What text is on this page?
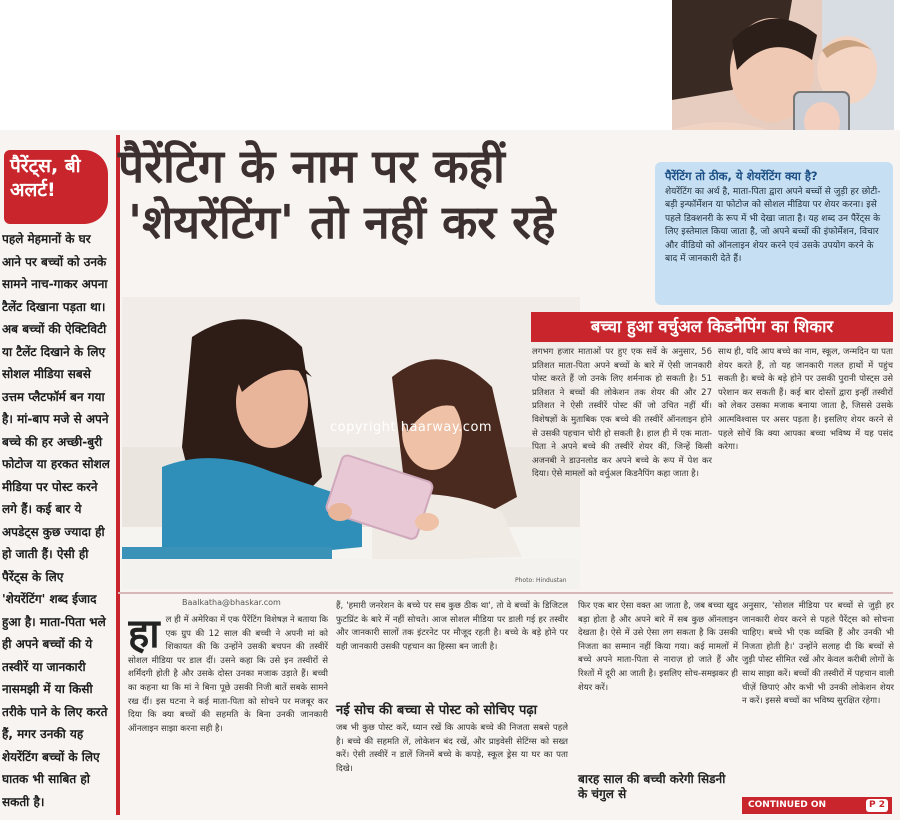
पैरेंट्स, बी अलर्ट!
पहले मेहमानों के घर आने पर बच्चों को उनके सामने नाच-गाकर अपना टैलेंट दिखाना पड़ता था। अब बच्चों की ऐक्टिविटी या टैलेंट दिखाने के लिए सोशल मीडिया सबसे उत्तम प्लैटफॉर्म बन गया है। मां-बाप मजे से अपने बच्चे की हर अच्छी-बुरी फोटोज या हरकत सोशल मीडिया पर पोस्ट करने लगे हैं। कई बार ये अपडेट्स कुछ ज्यादा ही हो जाती हैं। ऐसी ही पैरेंट्स के लिए 'शेयरेंटिंग' शब्द ईजाद हुआ है। माता-पिता भले ही अपने बच्चों की ये तस्वीरें या जानकारी नासमझी में या किसी तरीके पाने के लिए करते हैं, मगर उनकी यह शेयरेंटिंग बच्चों के लिए घातक भी साबित हो सकती है।
पैरेंटिंग के नाम पर कहीं
'शेयरेंटिंग' तो नहीं कर रहे
पैरेंटिंग तो ठीक, ये शेयरेंटिंग क्या है?
शेयरेंटिंग का अर्थ है, माता-पिता द्वारा अपने बच्चों से जुड़ी हर छोटी-बड़ी इन्फॉर्मेशन या फोटोज को सोशल मीडिया पर शेयर करना। इसे पहले डिक्शनरी के रूप में भी देखा जाता है। यह शब्द उन पैरेंट्स के लिए इस्तेमाल किया जाता है, जो अपने बच्चों की इंफोर्मेशन, विचार और वीडियो को ऑनलाइन शेयर करने एवं उसके उपयोग करने के बाद में जानकारी देते हैं।
Photo: Hindustan
copyright haarway.com
बच्चा हुआ वर्चुअल किडनैपिंग का शिकार
लगभग हजार माताओं पर हुए एक सर्वे के अनुसार, 56 प्रतिशत माता-पिता अपने बच्चों के बारे में ऐसी जानकारी पोस्ट करते हैं जो उनके लिए शर्मनाक हो सकती है। 51 प्रतिशत ने बच्चों की लोकेशन तक शेयर की और 27 प्रतिशत ने ऐसी तस्वीरें पोस्ट कीं जो उचित नहीं थीं। विशेषज्ञों के मुताबिक एक बच्चे की तस्वीरें ऑनलाइन होने से उसकी पहचान चोरी हो सकती है। हाल ही में एक माता-पिता ने अपने बच्चे की तस्वीरें शेयर कीं, जिन्हें किसी अजनबी ने डाउनलोड कर अपने बच्चे के रूप में पेश कर दिया। ऐसे मामलों को वर्चुअल किडनैपिंग कहा जाता है।
साथ ही, यदि आप बच्चे का नाम, स्कूल, जन्मदिन या पता शेयर करते हैं, तो यह जानकारी गलत हाथों में पहुंच सकती है। बच्चे के बड़े होने पर उसकी पुरानी पोस्ट्स उसे परेशान कर सकती हैं। कई बार दोस्तों द्वारा इन्हीं तस्वीरों को लेकर उसका मजाक बनाया जाता है, जिससे उसके आत्मविश्वास पर असर पड़ता है। इसलिए शेयर करने से पहले सोचें कि क्या आपका बच्चा भविष्य में यह पसंद करेगा।
Baalkatha@bhaskar.com
हा ल ही में अमेरिका में एक पैरेंटिंग विशेषज्ञ ने बताया कि एक ग्रुप की 12 साल की बच्ची ने अपनी मां को शिकायत की कि उन्होंने उसकी बचपन की तस्वीरें सोशल मीडिया पर डाल दीं। उसने कहा कि उसे इन तस्वीरों से शर्मिंदगी होती है और उसके दोस्त उनका मजाक उड़ाते हैं। बच्ची का कहना था कि मां ने बिना पूछे उसकी निजी बातें सबके सामने रख दीं। इस घटना ने कई माता-पिता को सोचने पर मजबूर कर दिया कि क्या बच्चों की सहमति के बिना उनकी जानकारी ऑनलाइन साझा करना सही है।
हैं, 'हमारी जनरेशन के बच्चे पर सब कुछ ठीक था', तो वे बच्चों के डिजिटल फुटप्रिंट के बारे में नहीं सोचते। आज सोशल मीडिया पर डाली गई हर तस्वीर और जानकारी सालों तक इंटरनेट पर मौजूद रहती है। बच्चे के बड़े होने पर यही जानकारी उसकी पहचान का हिस्सा बन जाती है।
नई सोच की बच्चा से पोस्ट को सोचिए पढ़ा
जब भी कुछ पोस्ट करें, ध्यान रखें कि आपके बच्चे की निजता सबसे पहले है। बच्चे की सहमति लें, लोकेशन बंद रखें, और प्राइवेसी सेटिंग्स को सख्त करें। ऐसी तस्वीरें न डालें जिनमें बच्चे के कपड़े, स्कूल ड्रेस या घर का पता दिखे।
फिर एक बार ऐसा वक्त आ जाता है, जब बच्चा खुद बड़ा होता है और अपने बारे में सब कुछ ऑनलाइन देखता है। ऐसे में उसे ऐसा लग सकता है कि उसकी निजता का सम्मान नहीं किया गया। कई मामलों में बच्चे अपने माता-पिता से नाराज़ हो जाते हैं और रिश्तों में दूरी आ जाती है। इसलिए सोच-समझकर ही शेयर करें।
बारह साल की बच्ची करेगी सिडनी के चंगुल से
अनुसार, 'सोशल मीडिया पर बच्चों से जुड़ी हर जानकारी शेयर करने से पहले पैरेंट्स को सोचना चाहिए। बच्चे भी एक व्यक्ति हैं और उनकी भी निजता होती है।' उन्होंने सलाह दी कि बच्चों से जुड़ी पोस्ट सीमित रखें और केवल करीबी लोगों के साथ साझा करें। बच्चों की तस्वीरों में पहचान वाली चीज़ें छिपाएं और कभी भी उनकी लोकेशन शेयर न करें। इससे बच्चों का भविष्य सुरक्षित रहेगा।
CONTINUED ON	P 2
